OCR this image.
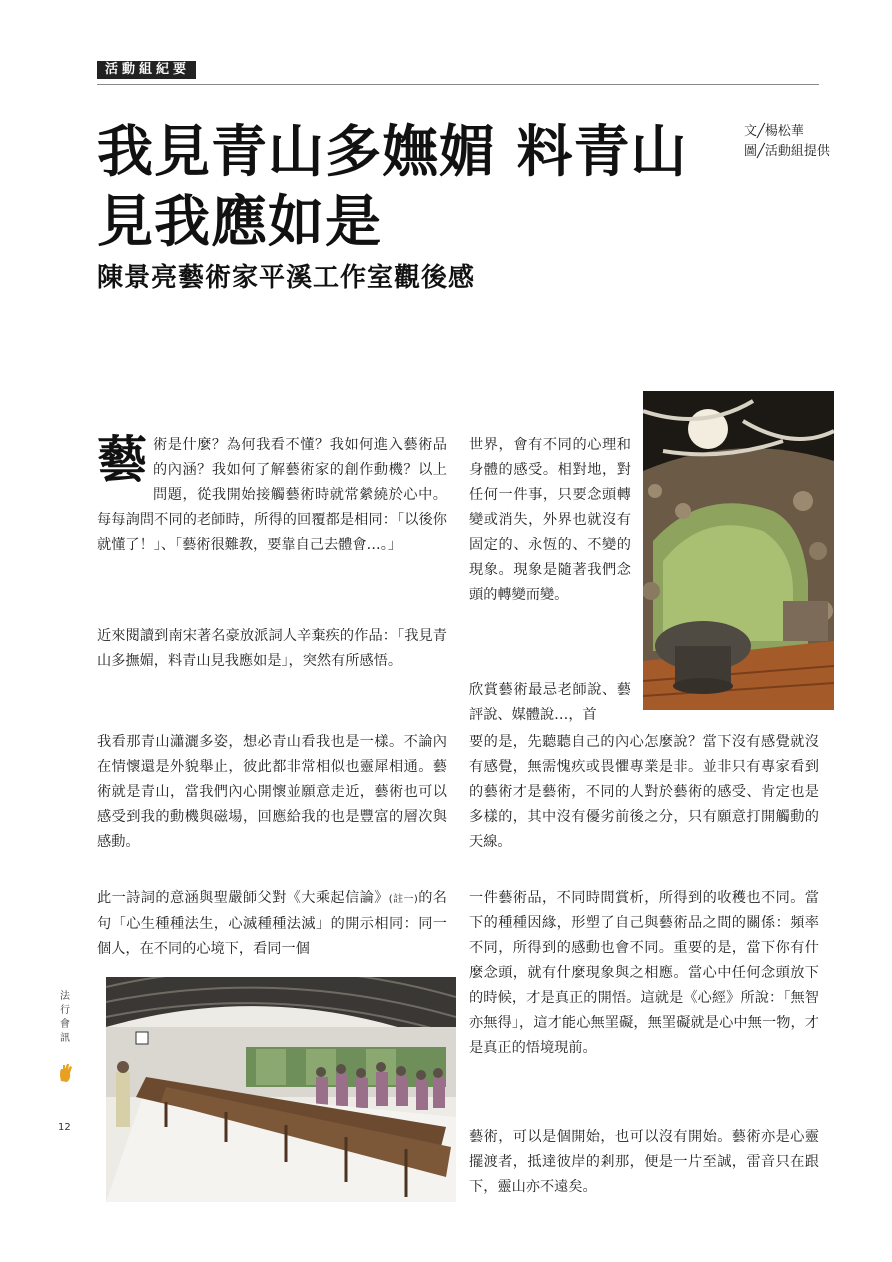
活動組紀要
我見青山多嫵媚 料青山見我應如是
陳景亮藝術家平溪工作室觀後感
文╱楊松華
圖╱活動組提供
藝術是什麼？為何我看不懂？我如何進入藝術品的內涵？我如何了解藝術家的創作動機？以上問題，從我開始接觸藝術時就常縈繞於心中。每每詢問不同的老師時，所得的回覆都是相同：「以後你就懂了！」、「藝術很難教，要靠自己去體會…。」

近來閱讀到南宋著名豪放派詞人辛棄疾的作品：「我見青山多撫媚，料青山見我應如是」，突然有所感悟。

我看那青山瀟灑多姿，想必青山看我也是一樣。不論內在情懷還是外貌舉止，彼此都非常相似也靈犀相通。藝術就是青山，當我們內心開懷並願意走近，藝術也可以感受到我的動機與磁場，回應給我的也是豐富的層次與感動。

此一詩詞的意涵與聖嚴師父對《大乘起信論》(註一)的名句「心生種種法生，心滅種種法滅」的開示相同：同一個人，在不同的心境下，看同一個

世界，會有不同的心理和身體的感受。相對地，對任何一件事，只要念頭轉變或消失，外界也就沒有固定的、永恆的、不變的現象。現象是隨著我們念頭的轉變而變。

欣賞藝術最忌老師說、藝評說、媒體說…，首

要的是，先聽聽自己的內心怎麼說？當下沒有感覺就沒有感覺，無需愧疚或畏懼專業是非。並非只有專家看到的藝術才是藝術，不同的人對於藝術的感受、肯定也是多樣的，其中沒有優劣前後之分，只有願意打開觸動的天線。

一件藝術品，不同時間賞析，所得到的收穫也不同。當下的種種因緣，形塑了自己與藝術品之間的關係：頻率不同，所得到的感動也會不同。重要的是，當下你有什麼念頭，就有什麼現象與之相應。當心中任何念頭放下的時候，才是真正的開悟。這就是《心經》所說：「無智亦無得」，這才能心無罣礙，無罣礙就是心中無一物，才是真正的悟境現前。

藝術，可以是個開始，也可以沒有開始。藝術亦是心靈擺渡者，抵達彼岸的剎那，便是一片至誠，雷音只在跟下，靈山亦不遠矣。

法行會訊
12
